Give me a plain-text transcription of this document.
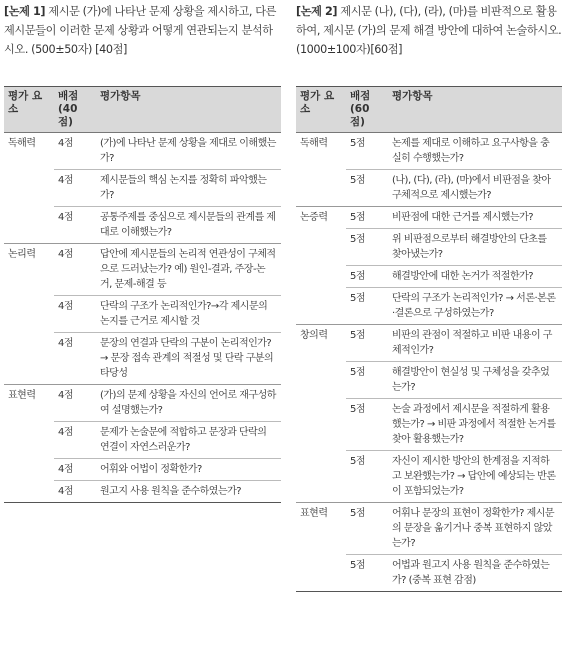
[논제 1] 제시문 (가)에 나타난 문제 상황을 제시하고, 다른 제시문들이 이러한 문제 상황과 어떻게 연관되는지 분석하시오. (500±50자) [40점]

평가 요소	배점 (40점)	평가항목
독해력	4점	(가)에 나타난 문제 상황을 제대로 이해했는가?
	4점	제시문들의 핵심 논지를 정확히 파악했는가?
	4점	공통주제를 중심으로 제시문들의 관계를 제대로 이해했는가?
논리력	4점	답안에 제시문들의 논리적 연관성이 구체적으로 드러났는가? 예) 원인-결과, 주장-논거, 문제-해결 등
	4점	단락의 구조가 논리적인가?→각 제시문의 논지를 근거로 제시할 것
	4점	문장의 연결과 단락의 구분이 논리적인가? → 문장 접속 관계의 적절성 및 단락 구분의 타당성
표현력	4점	(가)의 문제 상황을 자신의 언어로 재구성하여 설명했는가?
	4점	문제가 논술문에 적합하고 문장과 단락의 연결이 자연스러운가?
	4점	어휘와 어법이 정확한가?
	4점	원고지 사용 원칙을 준수하였는가?

[논제 2] 제시문 (나), (다), (라), (마)를 비판적으로 활용하여, 제시문 (가)의 문제 해결 방안에 대하여 논술하시오. (1000±100자)[60점]

평가 요소	배점 (60점)	평가항목
독해력	5점	논제를 제대로 이해하고 요구사항을 충실히 수행했는가?
	5점	(나), (다), (라), (마)에서 비판점을 찾아 구체적으로 제시했는가?
논증력	5점	비판점에 대한 근거를 제시했는가?
	5점	위 비판점으로부터 해결방안의 단초를 찾아냈는가?
	5점	해결방안에 대한 논거가 적절한가?
	5점	단락의 구조가 논리적인가? → 서론·본론·결론으로 구성하였는가?
창의력	5점	비판의 관점이 적절하고 비판 내용이 구체적인가?
	5점	해결방안이 현실성 및 구체성을 갖추었는가?
	5점	논술 과정에서 제시문을 적절하게 활용했는가? → 비판 과정에서 적절한 논거를 찾아 활용했는가?
	5점	자신이 제시한 방안의 한계점을 지적하고 보완했는가? → 답안에 예상되는 반론이 포함되었는가?
표현력	5점	어휘나 문장의 표현이 정확한가? 제시문의 문장을 옮기거나 중복 표현하지 않았는가?
	5점	어법과 원고지 사용 원칙을 준수하였는가? (중복 표현 감점)
